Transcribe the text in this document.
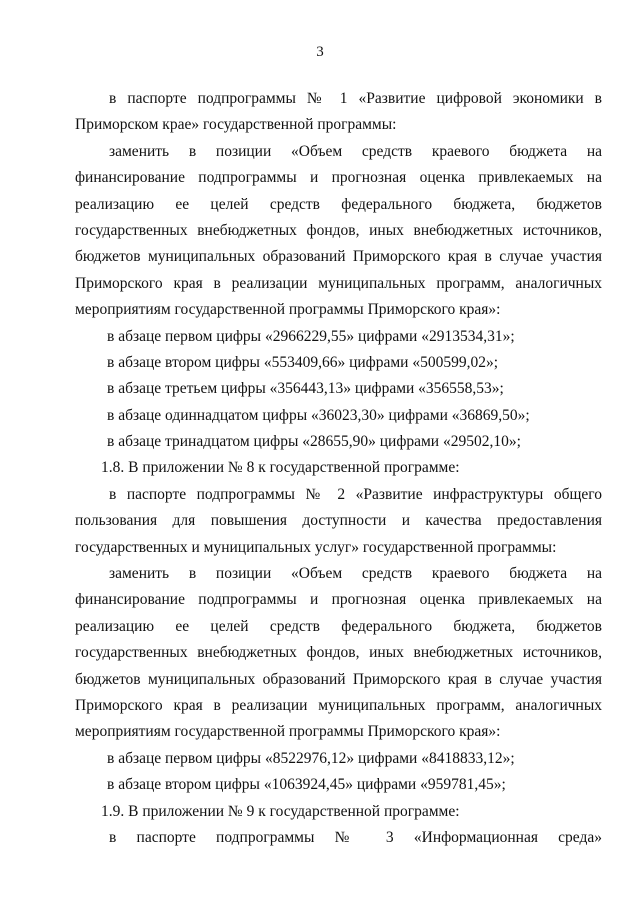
3
в паспорте подпрограммы № 1 «Развитие цифровой экономики в
Приморском крае» государственной программы:
заменить в позиции «Объем средств краевого бюджета на
финансирование подпрограммы и прогнозная оценка привлекаемых на
реализацию ее целей средств федерального бюджета, бюджетов
государственных внебюджетных фондов, иных внебюджетных источников,
бюджетов муниципальных образований Приморского края в случае участия
Приморского края в реализации муниципальных программ, аналогичных
мероприятиям государственной программы Приморского края»:
в абзаце первом цифры «2966229,55» цифрами «2913534,31»;
в абзаце втором цифры «553409,66» цифрами «500599,02»;
в абзаце третьем цифры «356443,13» цифрами «356558,53»;
в абзаце одиннадцатом цифры «36023,30» цифрами «36869,50»;
в абзаце тринадцатом цифры «28655,90» цифрами «29502,10»;
1.8. В приложении № 8 к государственной программе:
в паспорте подпрограммы № 2 «Развитие инфраструктуры общего
пользования для повышения доступности и качества предоставления
государственных и муниципальных услуг» государственной программы:
заменить в позиции «Объем средств краевого бюджета на
финансирование подпрограммы и прогнозная оценка привлекаемых на
реализацию ее целей средств федерального бюджета, бюджетов
государственных внебюджетных фондов, иных внебюджетных источников,
бюджетов муниципальных образований Приморского края в случае участия
Приморского края в реализации муниципальных программ, аналогичных
мероприятиям государственной программы Приморского края»:
в абзаце первом цифры «8522976,12» цифрами «8418833,12»;
в абзаце втором цифры «1063924,45» цифрами «959781,45»;
1.9. В приложении № 9 к государственной программе:
в паспорте подпрограммы № 3 «Информационная среда»
